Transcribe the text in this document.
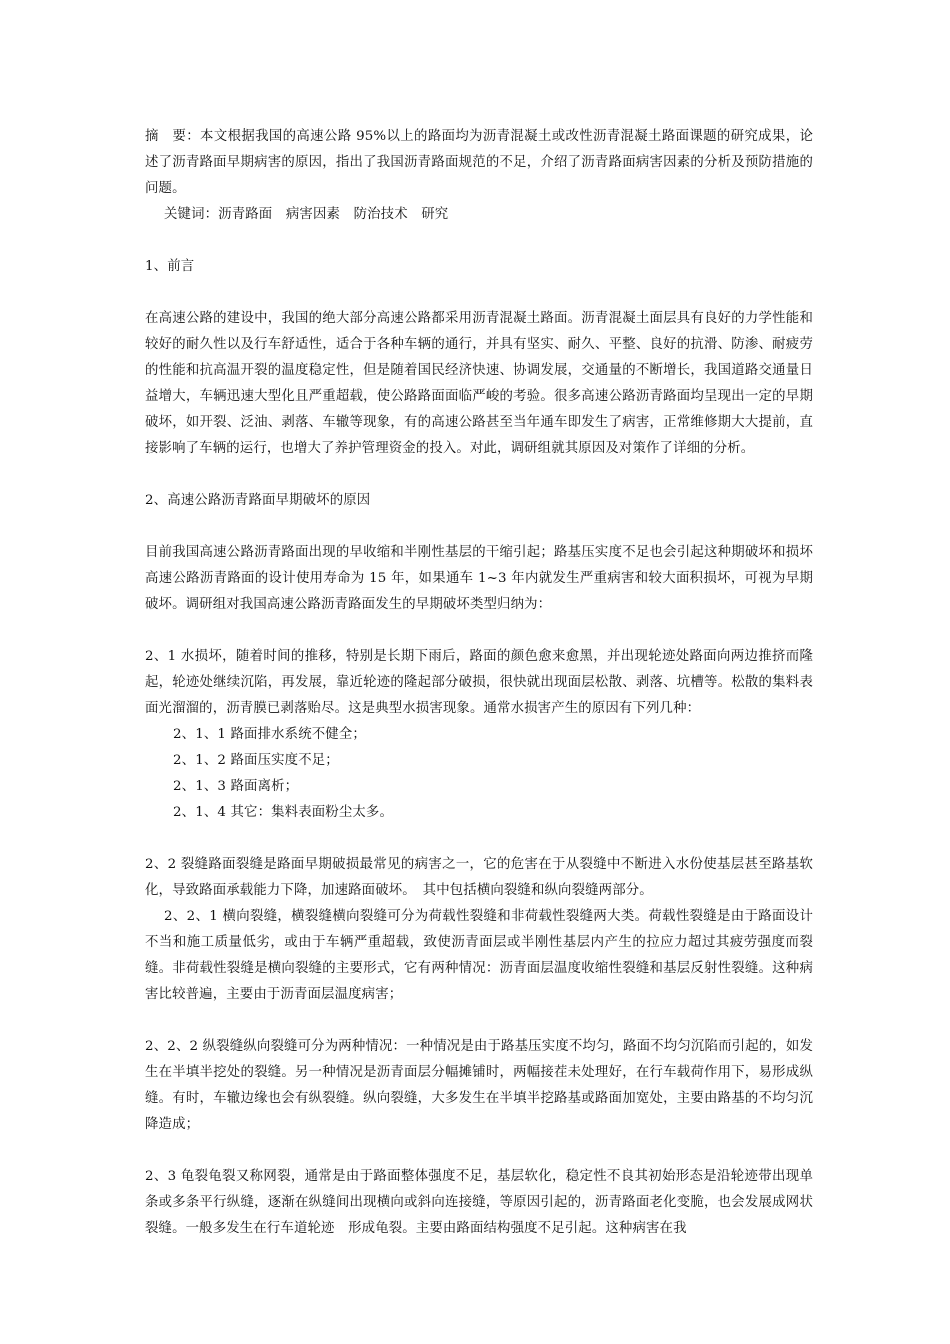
摘　要：本文根据我国的高速公路 95%以上的路面均为沥青混凝土或改性沥青混凝土路面课题的研究成果，论述了沥青路面早期病害的原因，指出了我国沥青路面规范的不足，介绍了沥青路面病害因素的分析及预防措施的问题。

关键词：沥青路面　病害因素　防治技术　研究

1、前言

在高速公路的建设中，我国的绝大部分高速公路都采用沥青混凝土路面。沥青混凝土面层具有良好的力学性能和较好的耐久性以及行车舒适性，适合于各种车辆的通行，并具有坚实、耐久、平整、良好的抗滑、防渗、耐疲劳的性能和抗高温开裂的温度稳定性，但是随着国民经济快速、协调发展，交通量的不断增长，我国道路交通量日益增大，车辆迅速大型化且严重超载，使公路路面面临严峻的考验。很多高速公路沥青路面均呈现出一定的早期破坏，如开裂、泛油、剥落、车辙等现象，有的高速公路甚至当年通车即发生了病害，正常维修期大大提前，直接影响了车辆的运行，也增大了养护管理资金的投入。对此，调研组就其原因及对策作了详细的分析。

2、高速公路沥青路面早期破坏的原因

目前我国高速公路沥青路面出现的早收缩和半刚性基层的干缩引起；路基压实度不足也会引起这种期破坏和损坏　高速公路沥青路面的设计使用寿命为 15 年，如果通车 1~3 年内就发生严重病害和较大面积损坏，可视为早期破坏。调研组对我国高速公路沥青路面发生的早期破坏类型归纳为：

2、1 水损坏，随着时间的推移，特别是长期下雨后，路面的颜色愈来愈黑，并出现轮迹处路面向两边推挤而隆起，轮迹处继续沉陷，再发展，靠近轮迹的隆起部分破损，很快就出现面层松散、剥落、坑槽等。松散的集料表面光溜溜的，沥青膜已剥落贻尽。这是典型水损害现象。通常水损害产生的原因有下列几种：

2、1、1 路面排水系统不健全；

2、1、2 路面压实度不足；

2、1、3 路面离析；

2、1、4 其它：集料表面粉尘太多。

2、2 裂缝路面裂缝是路面早期破损最常见的病害之一，它的危害在于从裂缝中不断进入水份使基层甚至路基软化，导致路面承载能力下降，加速路面破坏。　其中包括横向裂缝和纵向裂缝两部分。

2、2、1 横向裂缝，横裂缝横向裂缝可分为荷载性裂缝和非荷载性裂缝两大类。荷载性裂缝是由于路面设计不当和施工质量低劣，或由于车辆严重超载，致使沥青面层或半刚性基层内产生的拉应力超过其疲劳强度而裂缝。非荷载性裂缝是横向裂缝的主要形式，它有两种情况：沥青面层温度收缩性裂缝和基层反射性裂缝。这种病害比较普遍，主要由于沥青面层温度病害；

2、2、2 纵裂缝纵向裂缝可分为两种情况：一种情况是由于路基压实度不均匀，路面不均匀沉陷而引起的，如发生在半填半挖处的裂缝。另一种情况是沥青面层分幅摊铺时，两幅接茬未处理好，在行车载荷作用下，易形成纵缝。有时，车辙边缘也会有纵裂缝。纵向裂缝，大多发生在半填半挖路基或路面加宽处，主要由路基的不均匀沉降造成；

2、3 龟裂龟裂又称网裂，通常是由于路面整体强度不足，基层软化，稳定性不良其初始形态是沿轮迹带出现单条或多条平行纵缝，逐渐在纵缝间出现横向或斜向连接缝，等原因引起的，沥青路面老化变脆，也会发展成网状裂缝。一般多发生在行车道轮迹　形成龟裂。主要由路面结构强度不足引起。这种病害在我
